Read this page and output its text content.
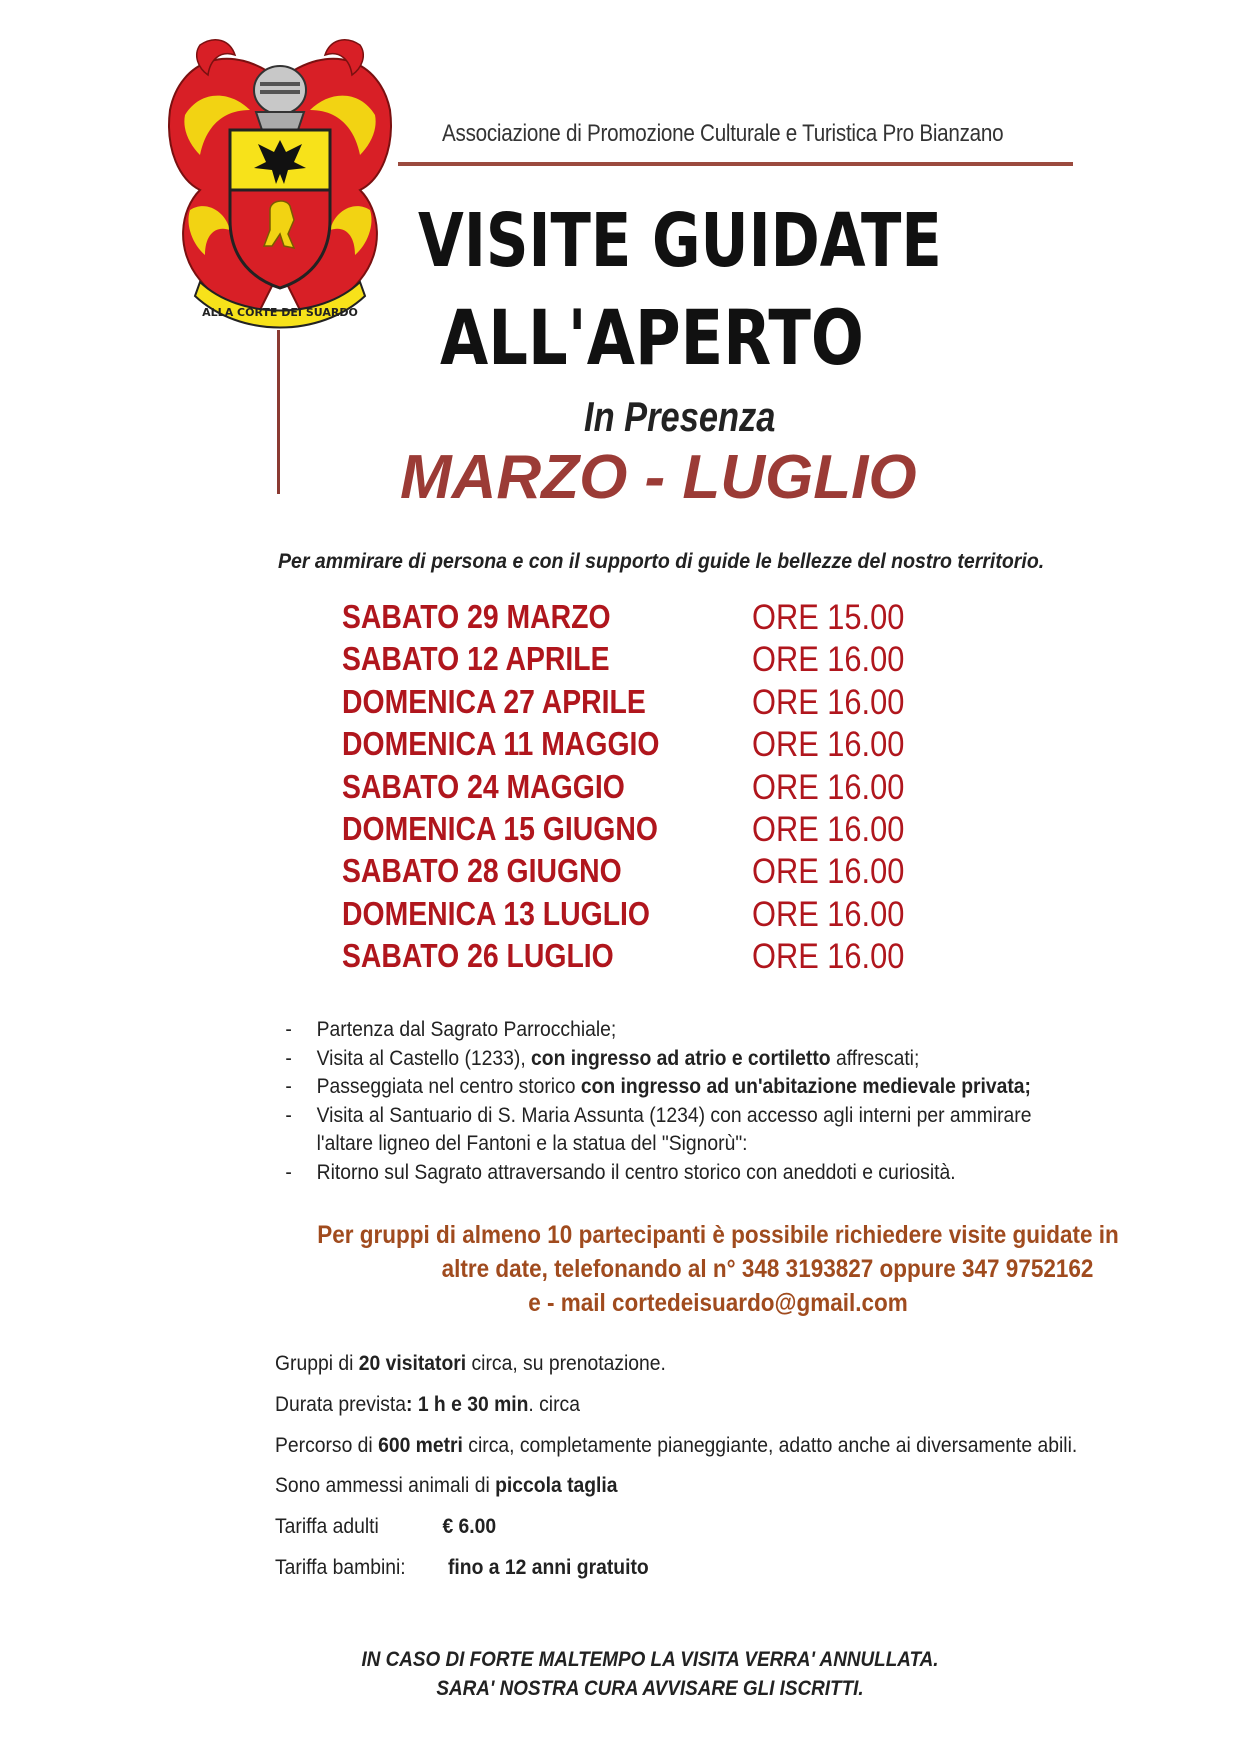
ALLA CORTE DEI SUARDO
Associazione di Promozione Culturale e Turistica Pro Bianzano
VISITE GUIDATE
ALL'APERTO
In Presenza
MARZO - LUGLIO
Per ammirare di persona e con il supporto di guide le bellezze del nostro territorio.
SABATO 29 MARZO	ORE 15.00
SABATO 12 APRILE	ORE 16.00
DOMENICA 27 APRILE	ORE 16.00
DOMENICA 11 MAGGIO	ORE 16.00
SABATO 24 MAGGIO	ORE 16.00
DOMENICA 15 GIUGNO	ORE 16.00
SABATO 28 GIUGNO	ORE 16.00
DOMENICA 13 LUGLIO	ORE 16.00
SABATO 26 LUGLIO	ORE 16.00

- Partenza dal Sagrato Parrocchiale;

- Visita al Castello (1233), con ingresso ad atrio e cortiletto affrescati;

- Passeggiata nel centro storico con ingresso ad un'abitazione medievale privata;

- Visita al Santuario di S. Maria Assunta (1234) con accesso agli interni per ammirare

l'altare ligneo del Fantoni e la statua del "Signorù":

- Ritorno sul Sagrato attraversando il centro storico con aneddoti e curiosità.

Per gruppi di almeno 10 partecipanti è possibile richiedere visite guidate in
altre date, telefonando al n° 348 3193827 oppure 347 9752162
e - mail cortedeisuardo@gmail.com
Gruppi di 20 visitatori circa, su prenotazione.
Durata prevista: 1 h e 30 min. circa
Percorso di 600 metri circa, completamente pianeggiante, adatto anche ai diversamente abili.
Sono ammessi animali di piccola taglia
Tariffa adulti	€ 6.00
Tariffa bambini: fino a 12 anni gratuito
IN CASO DI FORTE MALTEMPO LA VISITA VERRA' ANNULLATA.
SARA' NOSTRA CURA AVVISARE GLI ISCRITTI.
